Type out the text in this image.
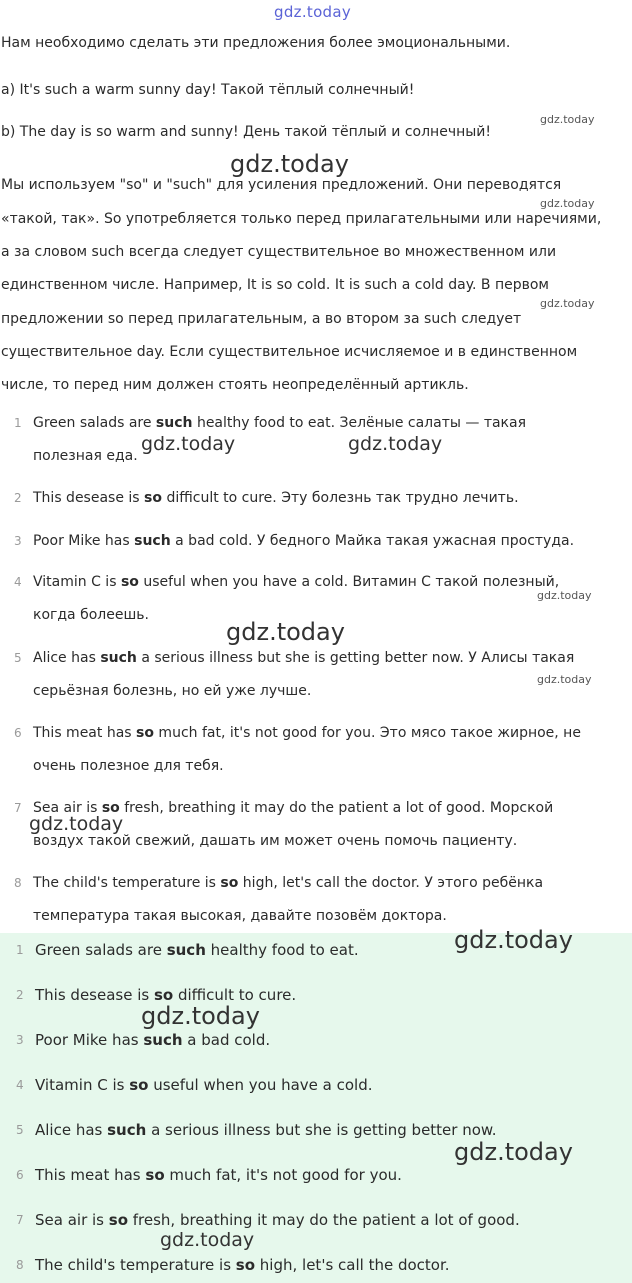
gdz.today
Нам необходимо сделать эти предложения более эмоциональными.
a) It's such a warm sunny day! Такой тёплый солнечный!
b) The day is so warm and sunny! День такой тёплый и солнечный!
Мы используем "so" и "such" для усиления предложений. Они переводятся
«такой, так». So употребляется только перед прилагательными или наречиями,
а за словом such всегда следует существительное во множественном или
единственном числе. Например, It is so cold. It is such a cold day. В первом
предложении so перед прилагательным, а во втором за such следует
существительное day. Если существительное исчисляемое и в единственном
числе, то перед ним должен стоять неопределённый артикль.
1 Green salads are such healthy food to eat. Зелёные салаты — такая
полезная еда.
2 This desease is so difficult to cure. Эту болезнь так трудно лечить.
3 Poor Mike has such a bad cold. У бедного Майка такая ужасная простуда.
4 Vitamin C is so useful when you have a cold. Витамин С такой полезный,
когда болеешь.
5 Alice has such a serious illness but she is getting better now. У Алисы такая
серьёзная болезнь, но ей уже лучше.
6 This meat has so much fat, it's not good for you. Это мясо такое жирное, не
очень полезное для тебя.
7 Sea air is so fresh, breathing it may do the patient a lot of good. Морской
воздух такой свежий, дашать им может очень помочь пациенту.
8 The child's temperature is so high, let's call the doctor. У этого ребёнка
температура такая высокая, давайте позовём доктора.
1 Green salads are such healthy food to eat.
2 This desease is so difficult to cure.
3 Poor Mike has such a bad cold.
4 Vitamin C is so useful when you have a cold.
5 Alice has such a serious illness but she is getting better now.
6 This meat has so much fat, it's not good for you.
7 Sea air is so fresh, breathing it may do the patient a lot of good.
8 The child's temperature is so high, let's call the doctor.
gdz.today
gdz.today
gdz.today
gdz.today
gdz.today	gdz.today
gdz.today
gdz.today
gdz.today
gdz.today
gdz.today
gdz.today
gdz.today
gdz.today
